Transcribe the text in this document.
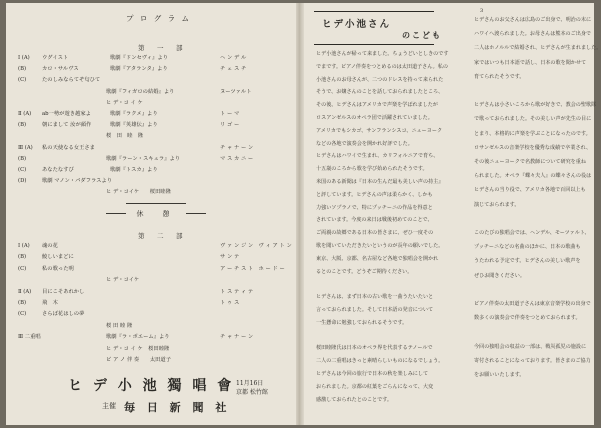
プ ロ グ ラ ム
第　一　部
Ⅰ (A) ウグイスト	歌劇『ドンセヴィ』より	ヘ ン デ ル
(B)	カロ・サルヴス	歌劇『アタランタ』より	チ ェ ス チ
(C)	たのしみならてぞ匂ひて
歌劇『フィガロの結婚』より	ヌーツァルト
ヒ デ・コ イ ケ
Ⅱ (A) ab一勢が遊き越家よ	歌劇『ラクメ』より	ト ー マ
(B)	朝にまして 汝が顔作	歌劇『英雄伝』より	リ ゴ ー
桜　田　睦　隆
Ⅲ (A) 私の天使なる女王さま	チ ャ ナ ー ン
(B)	歌劇『ラーン・スキュラ』より	マ ス カ ニ ー
(C)	あなたなすび	歌劇『トスカ』より
(D)	歌劇 マノン・パダフラスより
ヒ デ・コイケ　　桜田睦隆
休　憩
第　二　部
Ⅰ (A) 魂の花	ヴ ァ ン ジ ン　ヴ ィ ア ト ン
(B)	鮫しいまどに	サ ン テ
(C)	私の歌った明	ア ー チ ス ト　ホ ー ド ー
ヒ デ・コイケ
Ⅱ (A) 目にこそあれかし	ト ス テ ィ テ
(B)	飛　木	ト ゥ ス
(C)	さらば花はしの夢
桜 田 睦 隆
Ⅲ 二重唱	歌劇『ラ・ボエーム』より	チ ャ ナ ー ン
ヒ デ・コ イ ケ　桜田睦隆
ピ ア ノ 伴 奏　　太田道子
ヒ デ 小 池 獨 唱 會 11月16日
京都 松竹館
主催 毎 日 新 聞 社
3
ヒデ小池さん
のこども
ヒデ小池さんが帰って来ました。ちょうどいとしきのです
でまです。ピアノ伴奏をつとめるのは太田道子さん。私の
小池さんのお母さんが、二つのドレスを持って来られた
そうで、お嬢さんのことを話しておられましたところ、
その後、ヒデさんはアメリカで声楽を学ばれましたが
ロスアンゼルスのオペラ団で活躍されていました。
アメリカでもシカゴ、サンフランシスコ、ニューヨーク
などの各地で演奏会を開かれ好評でした。
ヒデさんはハワイで生まれ、カリフォルニアで育ち、
十五歳のころから歌を学び始められたそうです。
米国のある新聞は『日本の生んだ最も美しい声の持主』
と評しています。ヒデさんの声は柔らかく、しかも
力強いソプラノで、特にプッチーニの作品を得意と
されています。今度の来日は戦後初めてのことで、
ご両親の故郷である日本の皆さまに、ぜひ一度その
歌を聞いていただきたいというのが長年の願いでした。
東京、大阪、京都、名古屋など各地で独唱会を開かれ
るとのことです。どうぞご期待ください。
ヒデさんは、まず日本の古い歌を一曲うたいたいと
言っておられました。そして日本語の発音について
一生懸命に勉強しておられるそうです。
桜田睦隆氏は日本のオペラ界を代表するテノールで
二人の二重唱はきっと素晴らしいものになるでしょう。
ヒデさんは今回の旅行で日本の秋を楽しみにして
おられました。京都の紅葉をごらんになって、大変
感激しておられたとのことです。
ヒデさんのお父さんは広島のご出身で、明治の末に
ハワイへ渡られました。お母さんは熊本のご出身で
二人はホノルルで結婚され、ヒデさんが生まれました。
家ではいつも日本語で話し、日本の歌を聞かせて
育てられたそうです。
ヒデさんは小さいころから歌が好きで、教会の聖歌隊
で歌っておられました。その美しい声が先生の目に
とまり、本格的に声楽を学ぶことになったのです。
ロサンゼルスの音楽学校を優秀な成績で卒業され、
その後ニューヨークで名教師について研究を重ね
られました。オペラ『蝶々夫人』の蝶々さんの役は
ヒデさんの当り役で、アメリカ各地で百回以上も
演じておられます。
このたびの独唱会では、ヘンデル、モーツァルト、
プッチーニなどの名曲のほかに、日本の歌曲も
うたわれる予定です。ヒデさんの美しい歌声を
ぜひお聞きください。
ピアノ伴奏の太田道子さんは東京音楽学校の出身で
数多くの演奏会で伴奏をつとめておられます。
今回の独唱会の収益の一部は、戦災孤児の施設に
寄付されることになっております。皆さまのご協力
をお願いいたします。
